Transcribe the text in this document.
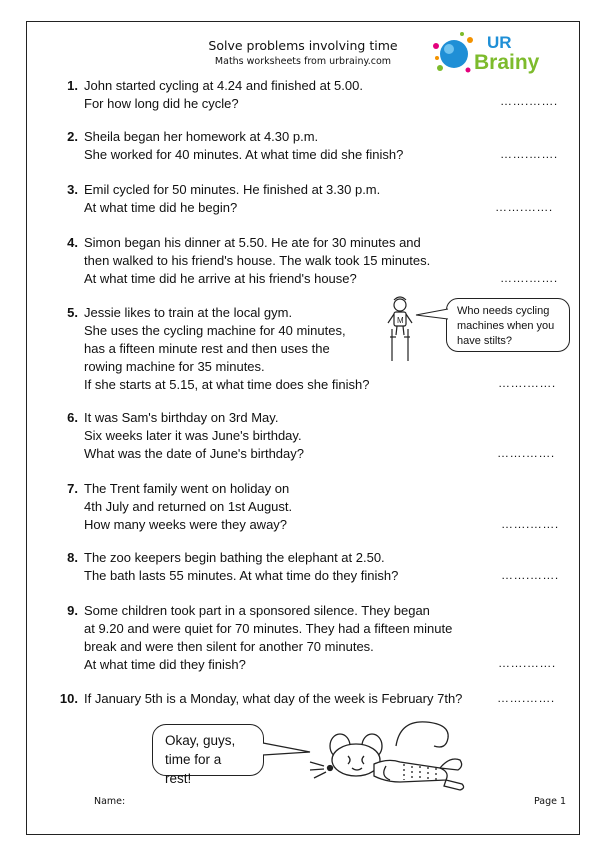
Solve problems involving time
Maths worksheets from urbrainy.com
UR
Brainy
1. John started cycling at 4.24 and finished at 5.00.
For how long did he cycle?	…….…….
2. Sheila began her homework at 4.30 p.m.
She worked for 40 minutes. At what time did she finish?	…….…….
3. Emil cycled for 50 minutes. He finished at 3.30 p.m.
At what time did he begin?	…….…….
4. Simon began his dinner at 5.50. He ate for 30 minutes and
then walked to his friend's house. The walk took 15 minutes.
At what time did he arrive at his friend's house?	…….…….
5. Jessie likes to train at the local gym.
She uses the cycling machine for 40 minutes,
has a fifteen minute rest and then uses the
rowing machine for 35 minutes.
If she starts at 5.15, at what time does she finish?	…….…….
M
Who needs cycling
machines when you
have stilts?
6. It was Sam's birthday on 3rd May.
Six weeks later it was June's birthday.
What was the date of June's birthday?	…….…….
7. The Trent family went on holiday on
4th July and returned on 1st August.
How many weeks were they away?	…….…….
8. The zoo keepers begin bathing the elephant at 2.50.
The bath lasts 55 minutes. At what time do they finish?	…….…….
9. Some children took part in a sponsored silence. They began
at 9.20 and were quiet for 70 minutes. They had a fifteen minute
break and were then silent for another 70 minutes.
At what time did they finish?	…….…….
10. If January 5th is a Monday, what day of the week is February 7th?	…….…….
Okay, guys,
time for a rest!
Name:	Page 1
